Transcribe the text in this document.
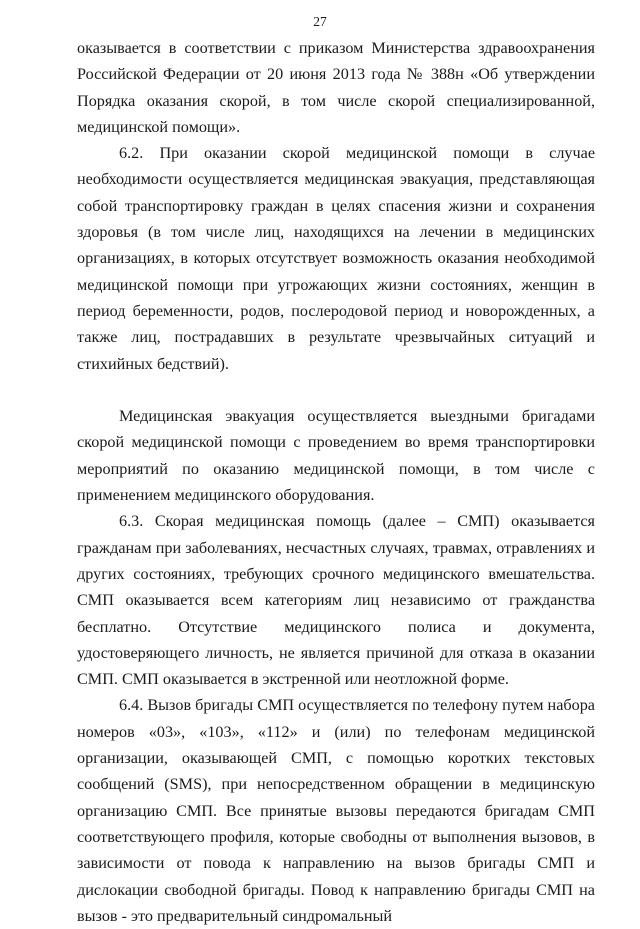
27

оказывается в соответствии с приказом Министерства здравоохранения Российской Федерации от 20 июня 2013 года № 388н «Об утверждении Порядка оказания скорой, в том числе скорой специализированной, медицинской помощи».

6.2. При оказании скорой медицинской помощи в случае необходимости осуществляется медицинская эвакуация, представляющая собой транспортировку граждан в целях спасения жизни и сохранения здоровья (в том числе лиц, находящихся на лечении в медицинских организациях, в которых отсутствует возможность оказания необходимой медицинской помощи при угрожающих жизни состояниях, женщин в период беременности, родов, послеродовой период и новорожденных, а также лиц, пострадавших в результате чрезвычайных ситуаций и стихийных бедствий).

Медицинская эвакуация осуществляется выездными бригадами скорой медицинской помощи с проведением во время транспортировки мероприятий по оказанию медицинской помощи, в том числе с применением медицинского оборудования.

6.3. Скорая медицинская помощь (далее – СМП) оказывается гражданам при заболеваниях, несчастных случаях, травмах, отравлениях и других состояниях, требующих срочного медицинского вмешательства. СМП оказывается всем категориям лиц независимо от гражданства бесплатно. Отсутствие медицинского полиса и документа, удостоверяющего личность, не является причиной для отказа в оказании СМП. СМП оказывается в экстренной или неотложной форме.

6.4. Вызов бригады СМП осуществляется по телефону путем набора номеров «03», «103», «112» и (или) по телефонам медицинской организации, оказывающей СМП, с помощью коротких текстовых сообщений (SMS), при непосредственном обращении в медицинскую организацию СМП. Все принятые вызовы передаются бригадам СМП соответствующего профиля, которые свободны от выполнения вызовов, в зависимости от повода к направлению на вызов бригады СМП и дислокации свободной бригады. Повод к направлению бригады СМП на вызов - это предварительный синдромальный
